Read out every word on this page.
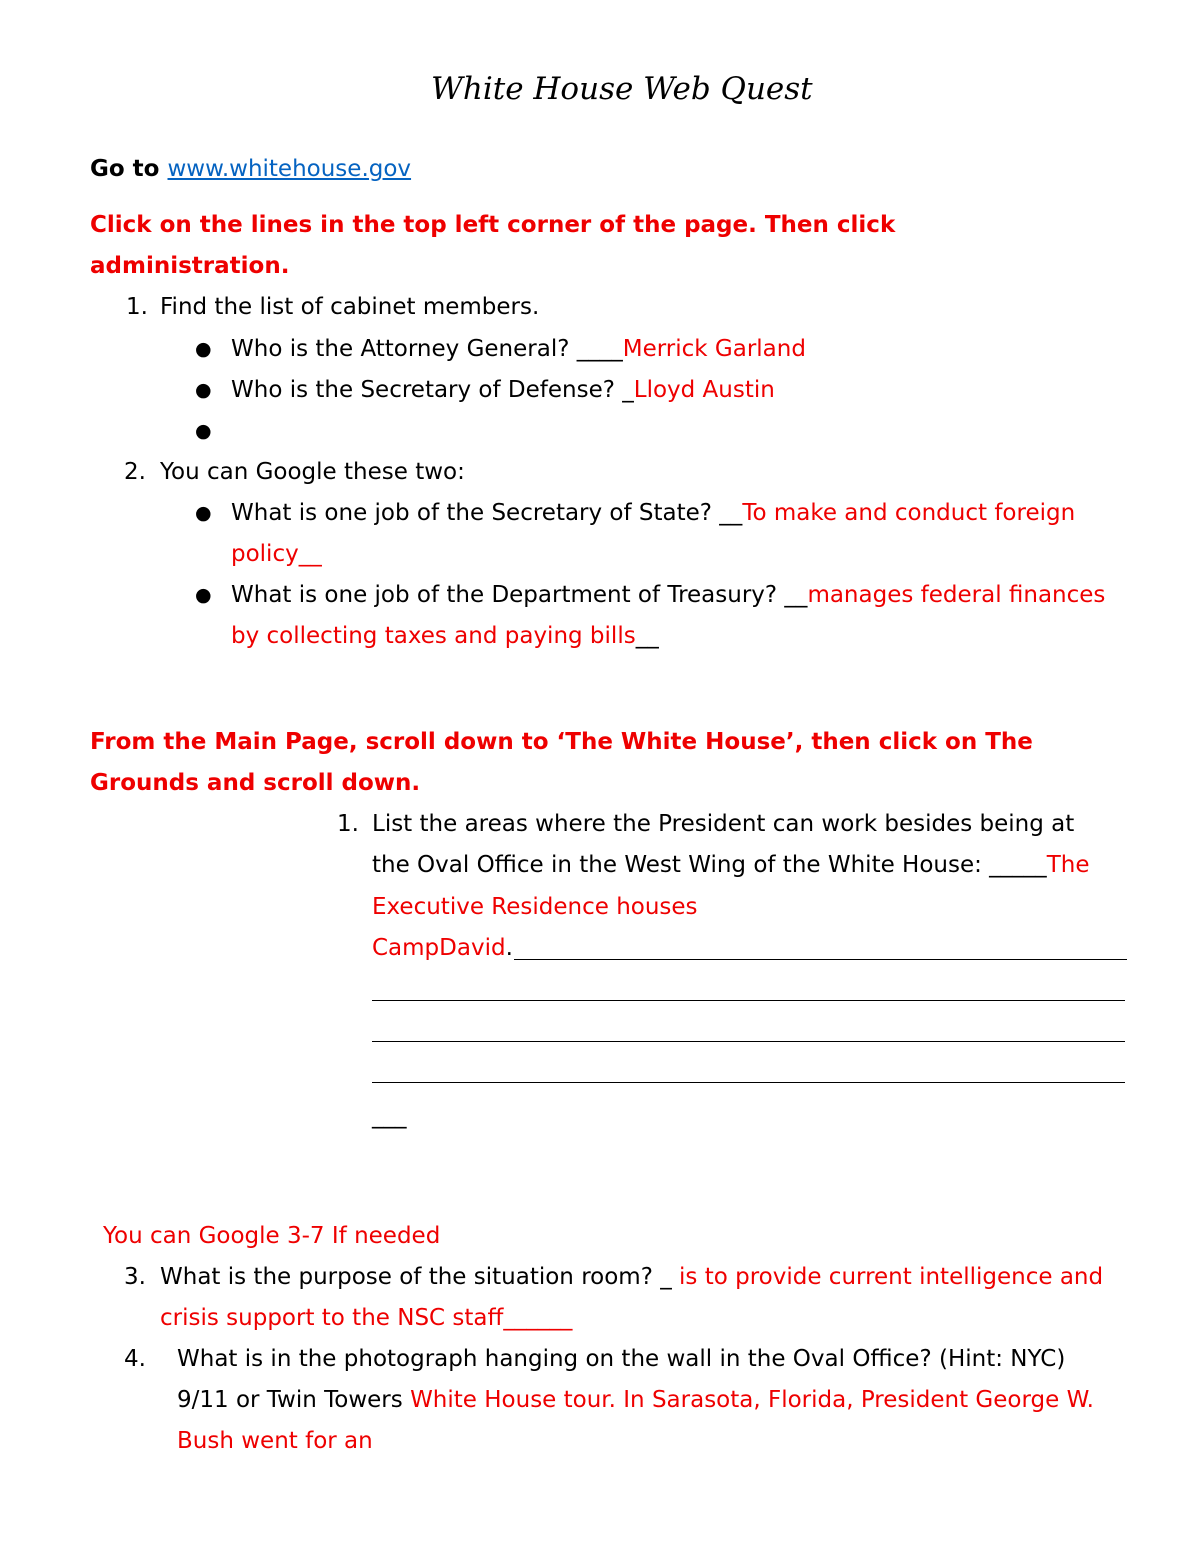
White House Web Quest
Go to www.whitehouse.gov
Click on the lines in the top left corner of the page. Then click
administration.
1. Find the list of cabinet members.
● Who is the Attorney General? ____Merrick Garland
● Who is the Secretary of Defense? _Lloyd Austin
●
2. You can Google these two:
● What is one job of the Secretary of State? __To make and conduct foreign
policy__
● What is one job of the Department of Treasury? __manages federal finances
by collecting taxes and paying bills__
From the Main Page, scroll down to ‘The White House’, then click on The
Grounds and scroll down.
1. List the areas where the President can work besides being at
the Oval Office in the West Wing of the White House: _____The
Executive Residence houses
CampDavid.
___
You can Google 3-7 If needed
3. What is the purpose of the situation room? _ is to provide current intelligence and
crisis support to the NSC staff______
4. What is in the photograph hanging on the wall in the Oval Office? (Hint: NYC)
9/11 or Twin Towers White House tour. In Sarasota, Florida, President George W.
Bush went for an
